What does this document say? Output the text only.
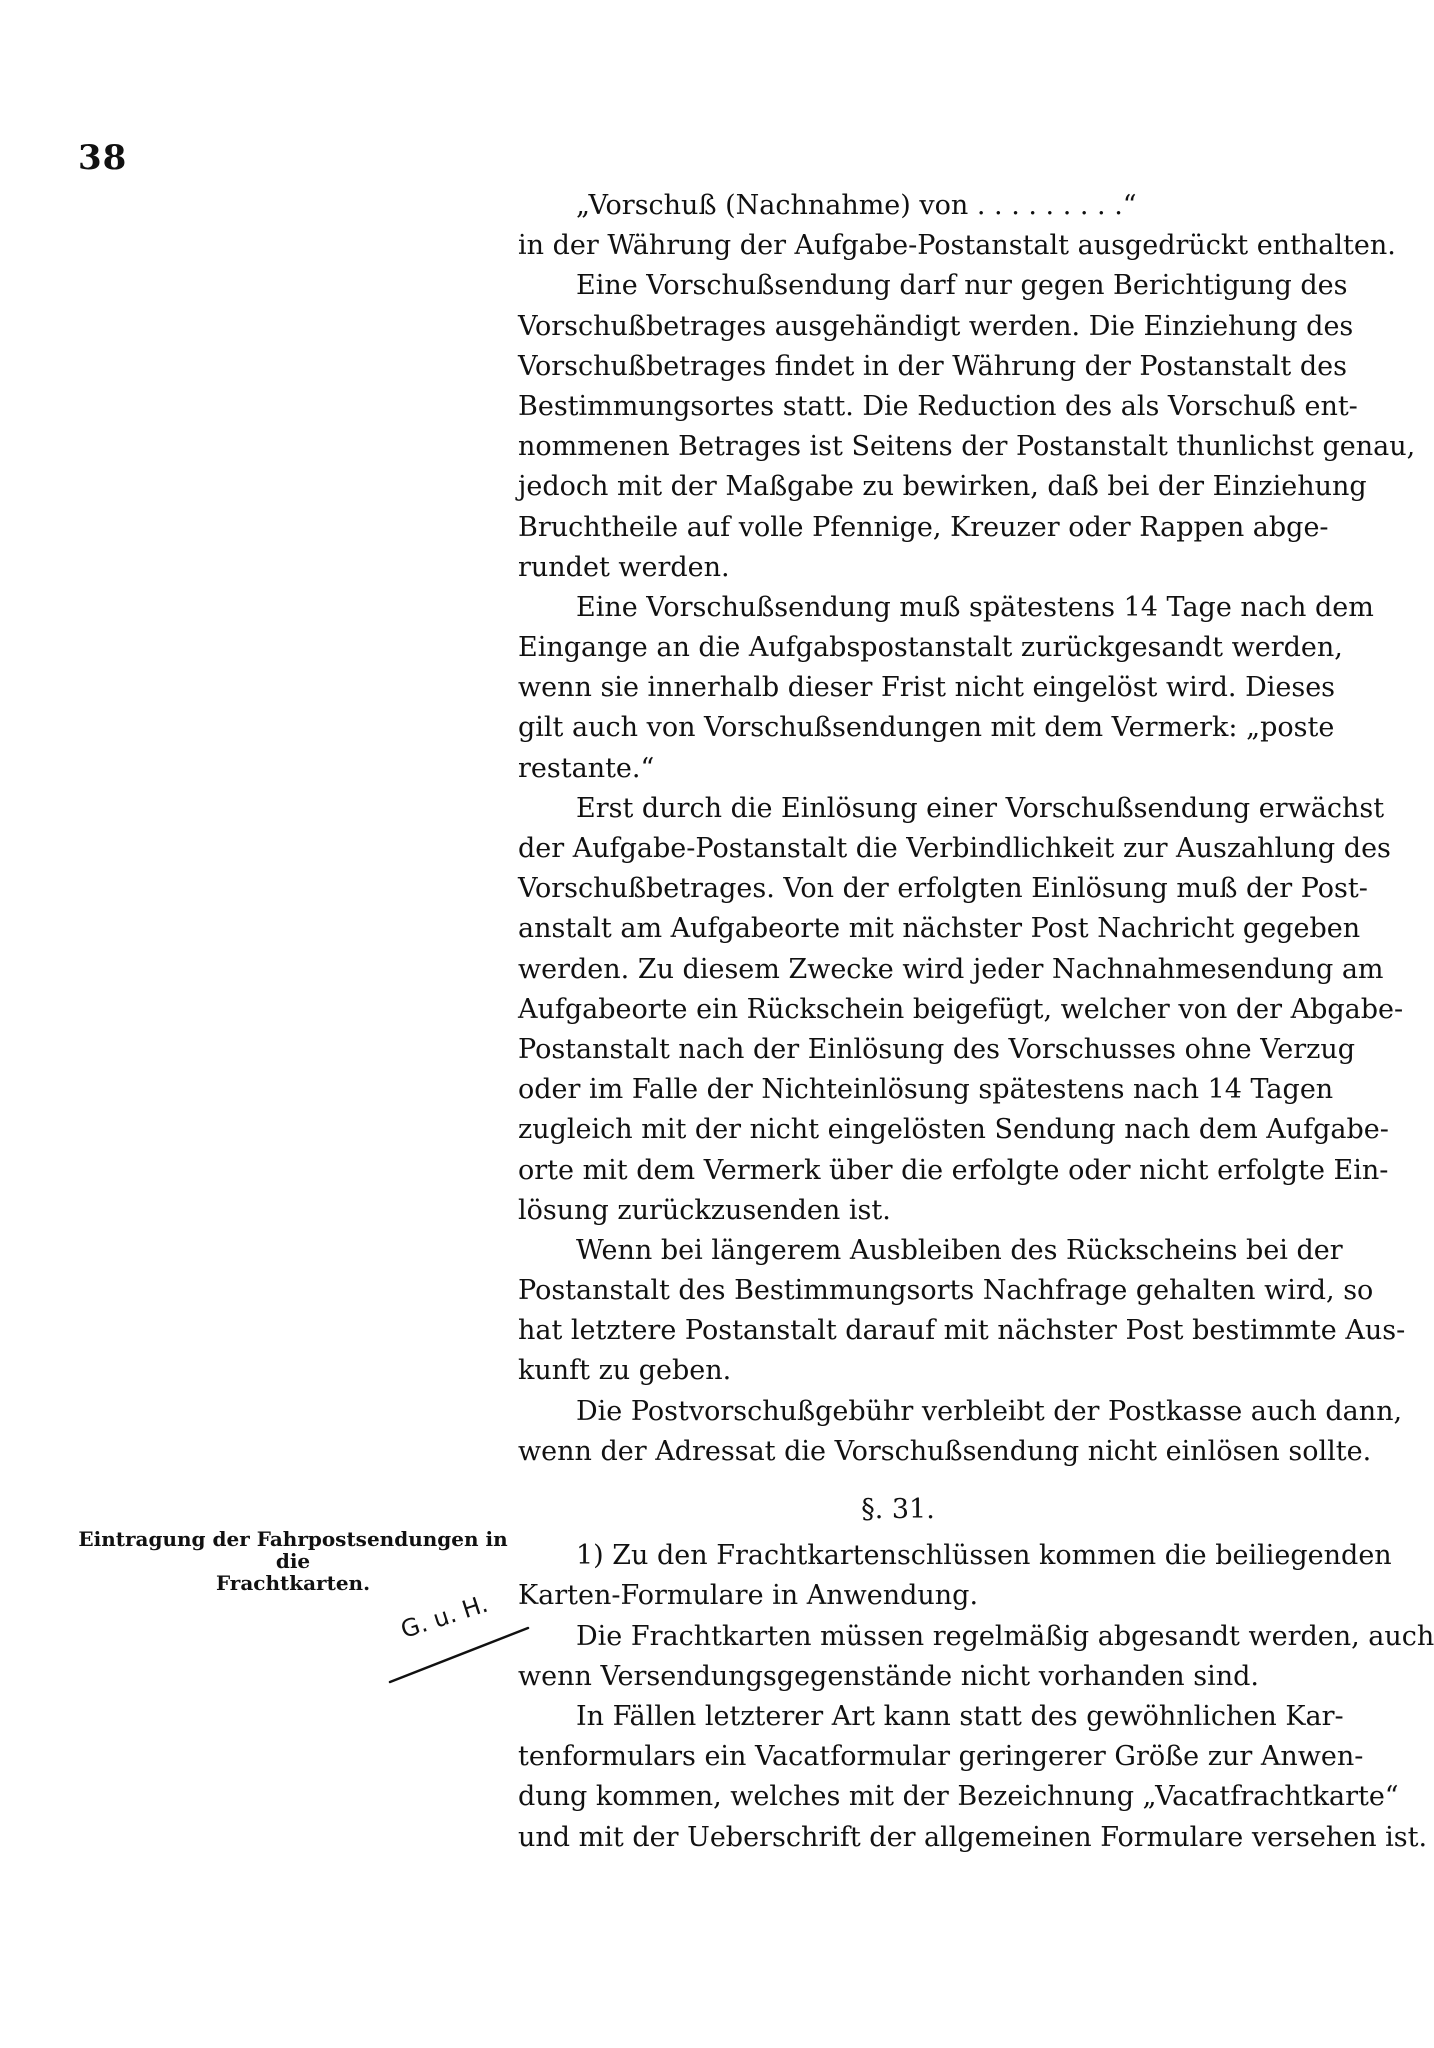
38
„Vorschuß (Nachnahme) von . . . . . . . . .“
in der Währung der Aufgabe-Postanstalt ausgedrückt enthalten.
Eine Vorschußsendung darf nur gegen Berichtigung des
Vorschußbetrages ausgehändigt werden. Die Einziehung des
Vorschußbetrages findet in der Währung der Postanstalt des
Bestimmungsortes statt. Die Reduction des als Vorschuß ent-
nommenen Betrages ist Seitens der Postanstalt thunlichst genau,
jedoch mit der Maßgabe zu bewirken, daß bei der Einziehung
Bruchtheile auf volle Pfennige, Kreuzer oder Rappen abge-
rundet werden.
Eine Vorschußsendung muß spätestens 14 Tage nach dem
Eingange an die Aufgabspostanstalt zurückgesandt werden,
wenn sie innerhalb dieser Frist nicht eingelöst wird. Dieses
gilt auch von Vorschußsendungen mit dem Vermerk: „poste
restante.“
Erst durch die Einlösung einer Vorschußsendung erwächst
der Aufgabe-Postanstalt die Verbindlichkeit zur Auszahlung des
Vorschußbetrages. Von der erfolgten Einlösung muß der Post-
anstalt am Aufgabeorte mit nächster Post Nachricht gegeben
werden. Zu diesem Zwecke wird jeder Nachnahmesendung am
Aufgabeorte ein Rückschein beigefügt, welcher von der Abgabe-
Postanstalt nach der Einlösung des Vorschusses ohne Verzug
oder im Falle der Nichteinlösung spätestens nach 14 Tagen
zugleich mit der nicht eingelösten Sendung nach dem Aufgabe-
orte mit dem Vermerk über die erfolgte oder nicht erfolgte Ein-
lösung zurückzusenden ist.
Wenn bei längerem Ausbleiben des Rückscheins bei der
Postanstalt des Bestimmungsorts Nachfrage gehalten wird, so
hat letztere Postanstalt darauf mit nächster Post bestimmte Aus-
kunft zu geben.
Die Postvorschußgebühr verbleibt der Postkasse auch dann,
wenn der Adressat die Vorschußsendung nicht einlösen sollte.
§. 31.
1) Zu den Frachtkartenschlüssen kommen die beiliegenden
Karten-Formulare in Anwendung.
Die Frachtkarten müssen regelmäßig abgesandt werden, auch
wenn Versendungsgegenstände nicht vorhanden sind.
In Fällen letzterer Art kann statt des gewöhnlichen Kar-
tenformulars ein Vacatformular geringerer Größe zur Anwen-
dung kommen, welches mit der Bezeichnung „Vacatfrachtkarte“
und mit der Ueberschrift der allgemeinen Formulare versehen ist.
Eintragung der Fahrpostsendungen in die
Frachtkarten.
G. u. H.
